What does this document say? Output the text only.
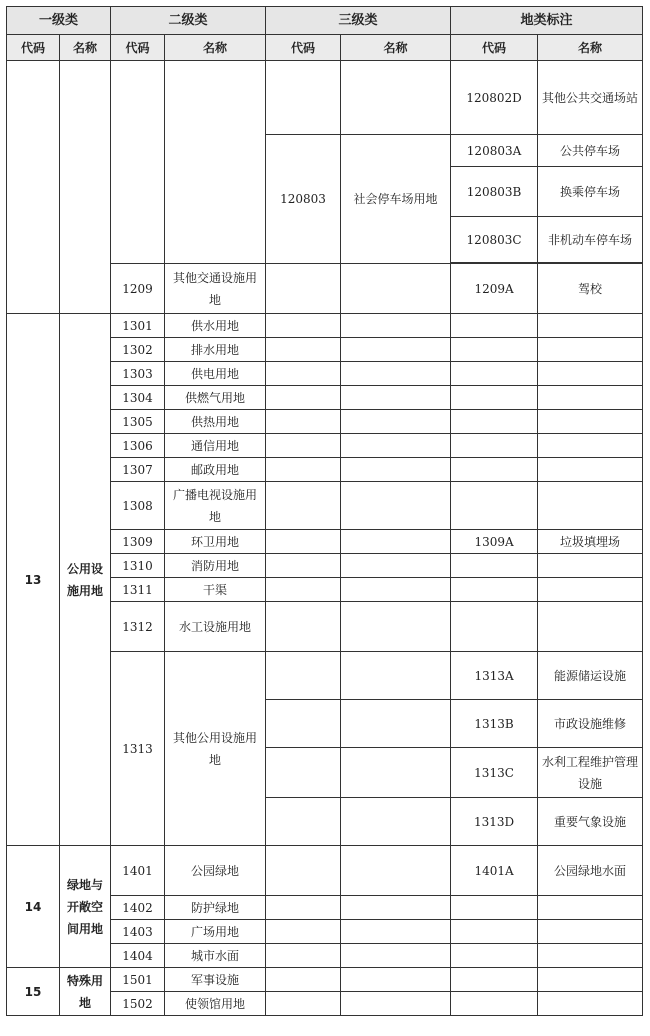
一级类		二级类		三级类		地类标注	
代码	名称	代码	名称	代码	名称	代码	名称
						120802D	其他公共交通场站
				120803	社会停车场用地	120803A	公共停车场
						120803B	换乘停车场
						120803C	非机动车停车场

		1209	其他交通设施用地			1209A	驾校
13	公用设施用地	1301	供水用地				
		1302	排水用地				
		1303	供电用地				
		1304	供燃气用地				
		1305	供热用地				
		1306	通信用地				
		1307	邮政用地				
		1308	广播电视设施用地				
		1309	环卫用地			1309A	垃圾填埋场
		1310	消防用地				
		1311	干渠				
		1312	水工设施用地				
		1313	其他公用设施用地			1313A	能源储运设施
						1313B	市政设施维修
						1313C	水利工程维护管理设施
						1313D	重要气象设施
14	绿地与开敞空间用地	1401	公园绿地			1401A	公园绿地水面
		1402	防护绿地				
		1403	广场用地				
		1404	城市水面				
15	特殊用地	1501	军事设施				
		1502	使领馆用地				
